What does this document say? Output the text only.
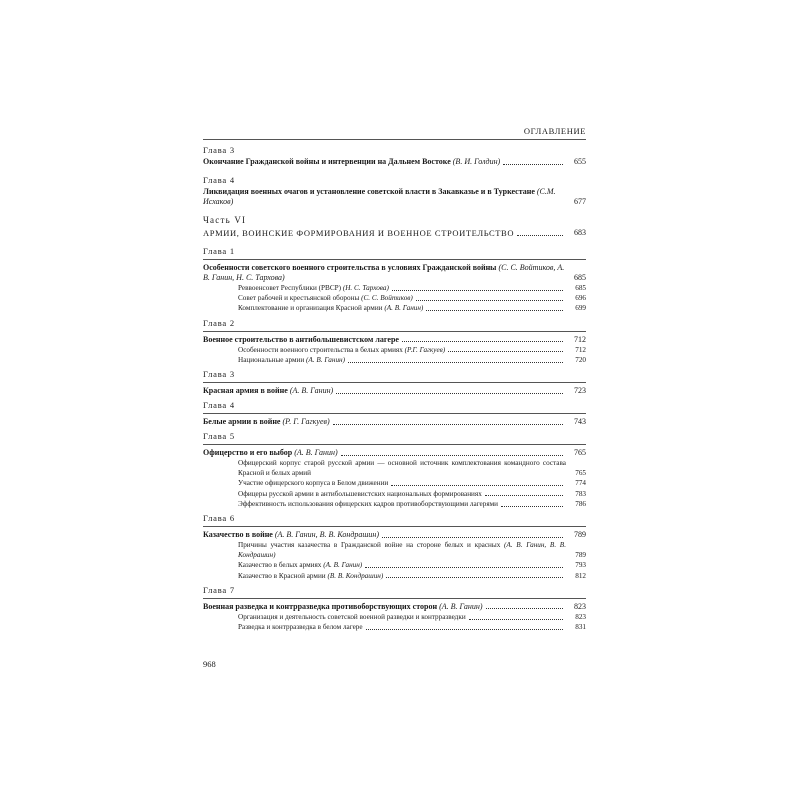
ОГЛАВЛЕНИЕ
Глава 3
Окончание Гражданской войны и интервенции на Дальнем Востоке (В. И. Голдин)	655
Глава 4
Ликвидация военных очагов и установление советской власти в Закавказье и в Туркестане (С.М. Исхаков)	677
Часть VI
АРМИИ, ВОИНСКИЕ ФОРМИРОВАНИЯ И ВОЕННОЕ СТРОИТЕЛЬСТВО	683
Глава 1
Особенности советского военного строительства в условиях Гражданской войны (С. С. Войтиков, А. В. Ганин, Н. С. Тархова)	685
Реввоенсовет Республики (РВСР) (Н. С. Тархова)	685
Совет рабочей и крестьянской обороны (С. С. Войтиков)	696
Комплектование и организация Красной армии (А. В. Ганин)	699
Глава 2
Военное строительство в антибольшевистском лагере	712
Особенности военного строительства в белых армиях (Р.Г. Гагкуев)	712
Национальные армии (А. В. Ганин)	720
Глава 3
Красная армия в войне (А. В. Ганин)	723
Глава 4
Белые армии в войне (Р. Г. Гагкуев)	743
Глава 5
Офицерство и его выбор (А. В. Ганин)	765
Офицерский корпус старой русской армии — основной источник комплектования командного состава Красной и белых армий	765
Участие офицерского корпуса в Белом движении	774
Офицеры русской армии в антибольшевистских национальных формированиях	783
Эффективность использования офицерских кадров противоборствующими лагерями	786
Глава 6
Казачество в войне (А. В. Ганин, В. В. Кондрашин)	789
Причины участия казачества в Гражданской войне на стороне белых и красных (А. В. Ганин, В. В. Кондрашин)	789
Казачество в белых армиях (А. В. Ганин)	793
Казачество в Красной армии (В. В. Кондрашин)	812
Глава 7
Военная разведка и контрразведка противоборствующих сторон (А. В. Ганин)	823
Организация и деятельность советской военной разведки и контрразведки	823
Разведка и контрразведка в белом лагере	831
968
